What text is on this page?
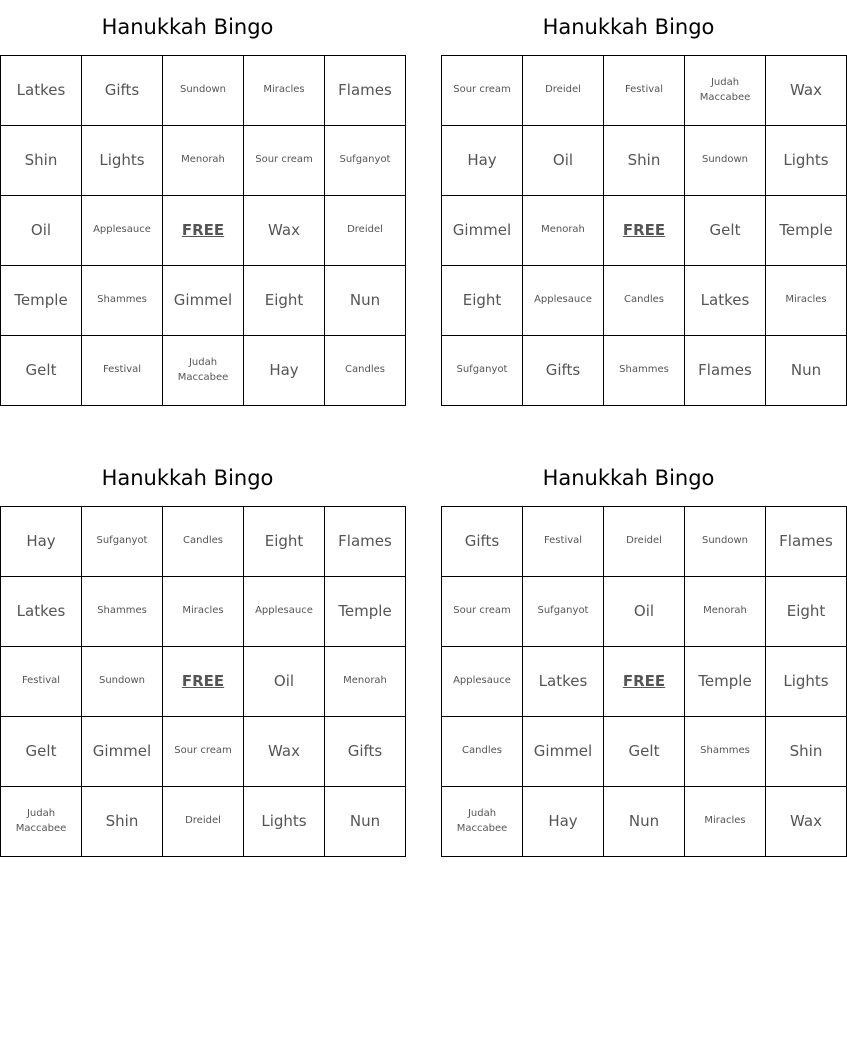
Hanukkah Bingo
Latkes	Gifts	Sundown	Miracles	Flames
Shin	Lights	Menorah	Sour cream	Sufganyot
Oil	Applesauce	FREE	Wax	Dreidel
Temple	Shammes	Gimmel	Eight	Nun
Gelt	Festival	Judah Maccabee	Hay	Candles
Hanukkah Bingo
Sour cream	Dreidel	Festival	Judah Maccabee	Wax
Hay	Oil	Shin	Sundown	Lights
Gimmel	Menorah	FREE	Gelt	Temple
Eight	Applesauce	Candles	Latkes	Miracles
Sufganyot	Gifts	Shammes	Flames	Nun
Hanukkah Bingo
Hay	Sufganyot	Candles	Eight	Flames
Latkes	Shammes	Miracles	Applesauce	Temple
Festival	Sundown	FREE	Oil	Menorah
Gelt	Gimmel	Sour cream	Wax	Gifts
Judah Maccabee	Shin	Dreidel	Lights	Nun
Hanukkah Bingo
Gifts	Festival	Dreidel	Sundown	Flames
Sour cream	Sufganyot	Oil	Menorah	Eight
Applesauce	Latkes	FREE	Temple	Lights
Candles	Gimmel	Gelt	Shammes	Shin
Judah Maccabee	Hay	Nun	Miracles	Wax
